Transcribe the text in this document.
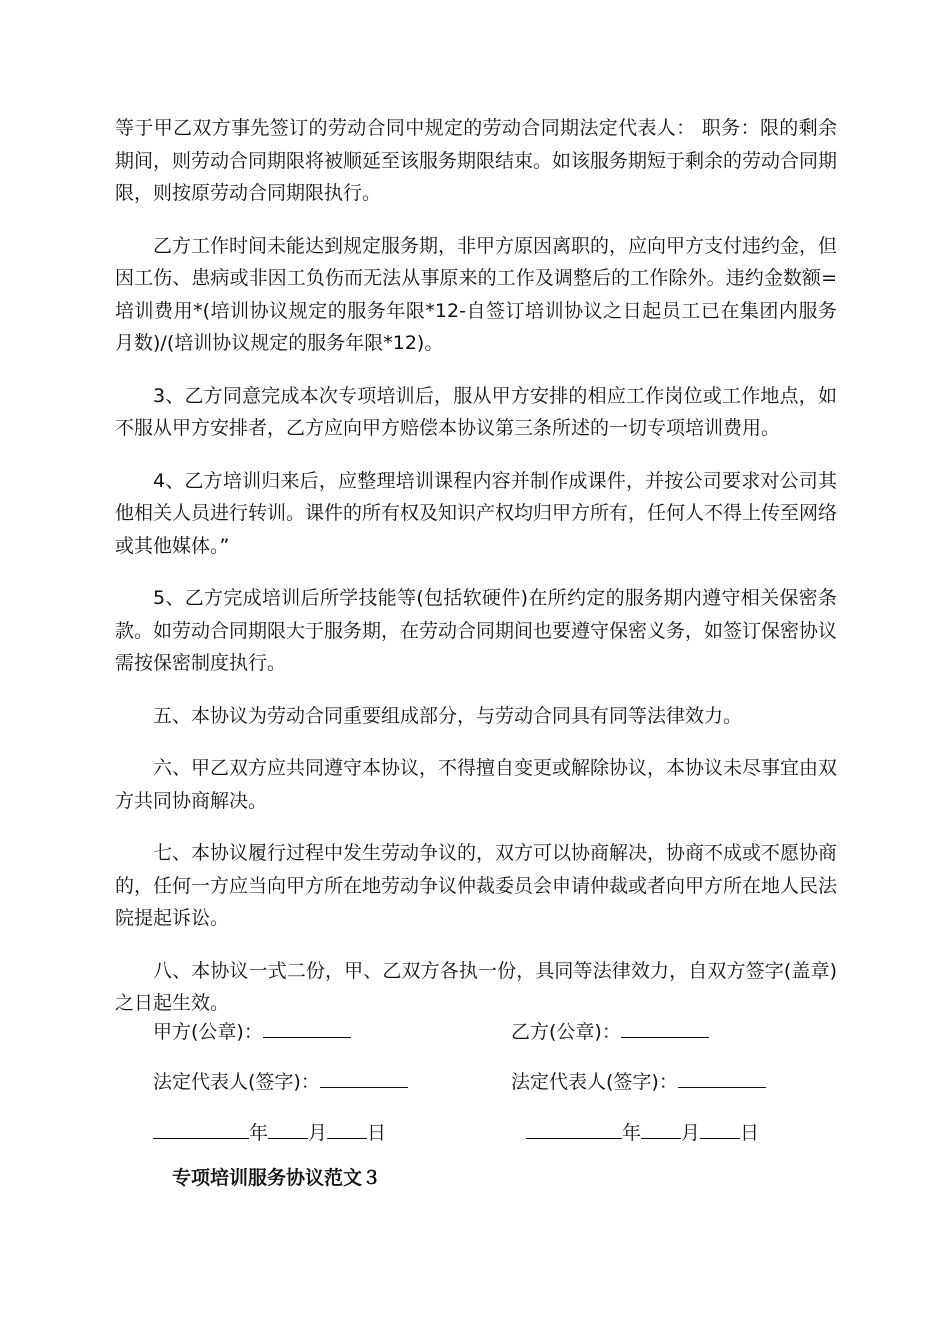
等于甲乙双方事先签订的劳动合同中规定的劳动合同期法定代表人： 职务：限的剩余期间，则劳动合同期限将被顺延至该服务期限结束。如该服务期短于剩余的劳动合同期限，则按原劳动合同期限执行。

乙方工作时间未能达到规定服务期，非甲方原因离职的，应向甲方支付违约金，但因工伤、患病或非因工负伤而无法从事原来的工作及调整后的工作除外。违约金数额=培训费用*(培训协议规定的服务年限*12-自签订培训协议之日起员工已在集团内服务月数)/(培训协议规定的服务年限*12)。

3、乙方同意完成本次专项培训后，服从甲方安排的相应工作岗位或工作地点，如不服从甲方安排者，乙方应向甲方赔偿本协议第三条所述的一切专项培训费用。

4、乙方培训归来后，应整理培训课程内容并制作成课件，并按公司要求对公司其他相关人员进行转训。课件的所有权及知识产权均归甲方所有，任何人不得上传至网络或其他媒体。”

5、乙方完成培训后所学技能等(包括软硬件)在所约定的服务期内遵守相关保密条款。如劳动合同期限大于服务期，在劳动合同期间也要遵守保密义务，如签订保密协议需按保密制度执行。

五、本协议为劳动合同重要组成部分，与劳动合同具有同等法律效力。

六、甲乙双方应共同遵守本协议，不得擅自变更或解除协议，本协议未尽事宜由双方共同协商解决。

七、本协议履行过程中发生劳动争议的，双方可以协商解决，协商不成或不愿协商的，任何一方应当向甲方所在地劳动争议仲裁委员会申请仲裁或者向甲方所在地人民法院提起诉讼。

八、本协议一式二份，甲、乙双方各执一份，具同等法律效力，自双方签字(盖章)之日起生效。

甲方(公章)：	乙方(公章)：
法定代表人(签字)：	法定代表人(签字)：
年 月 日	年 月 日
专项培训服务协议范文３
